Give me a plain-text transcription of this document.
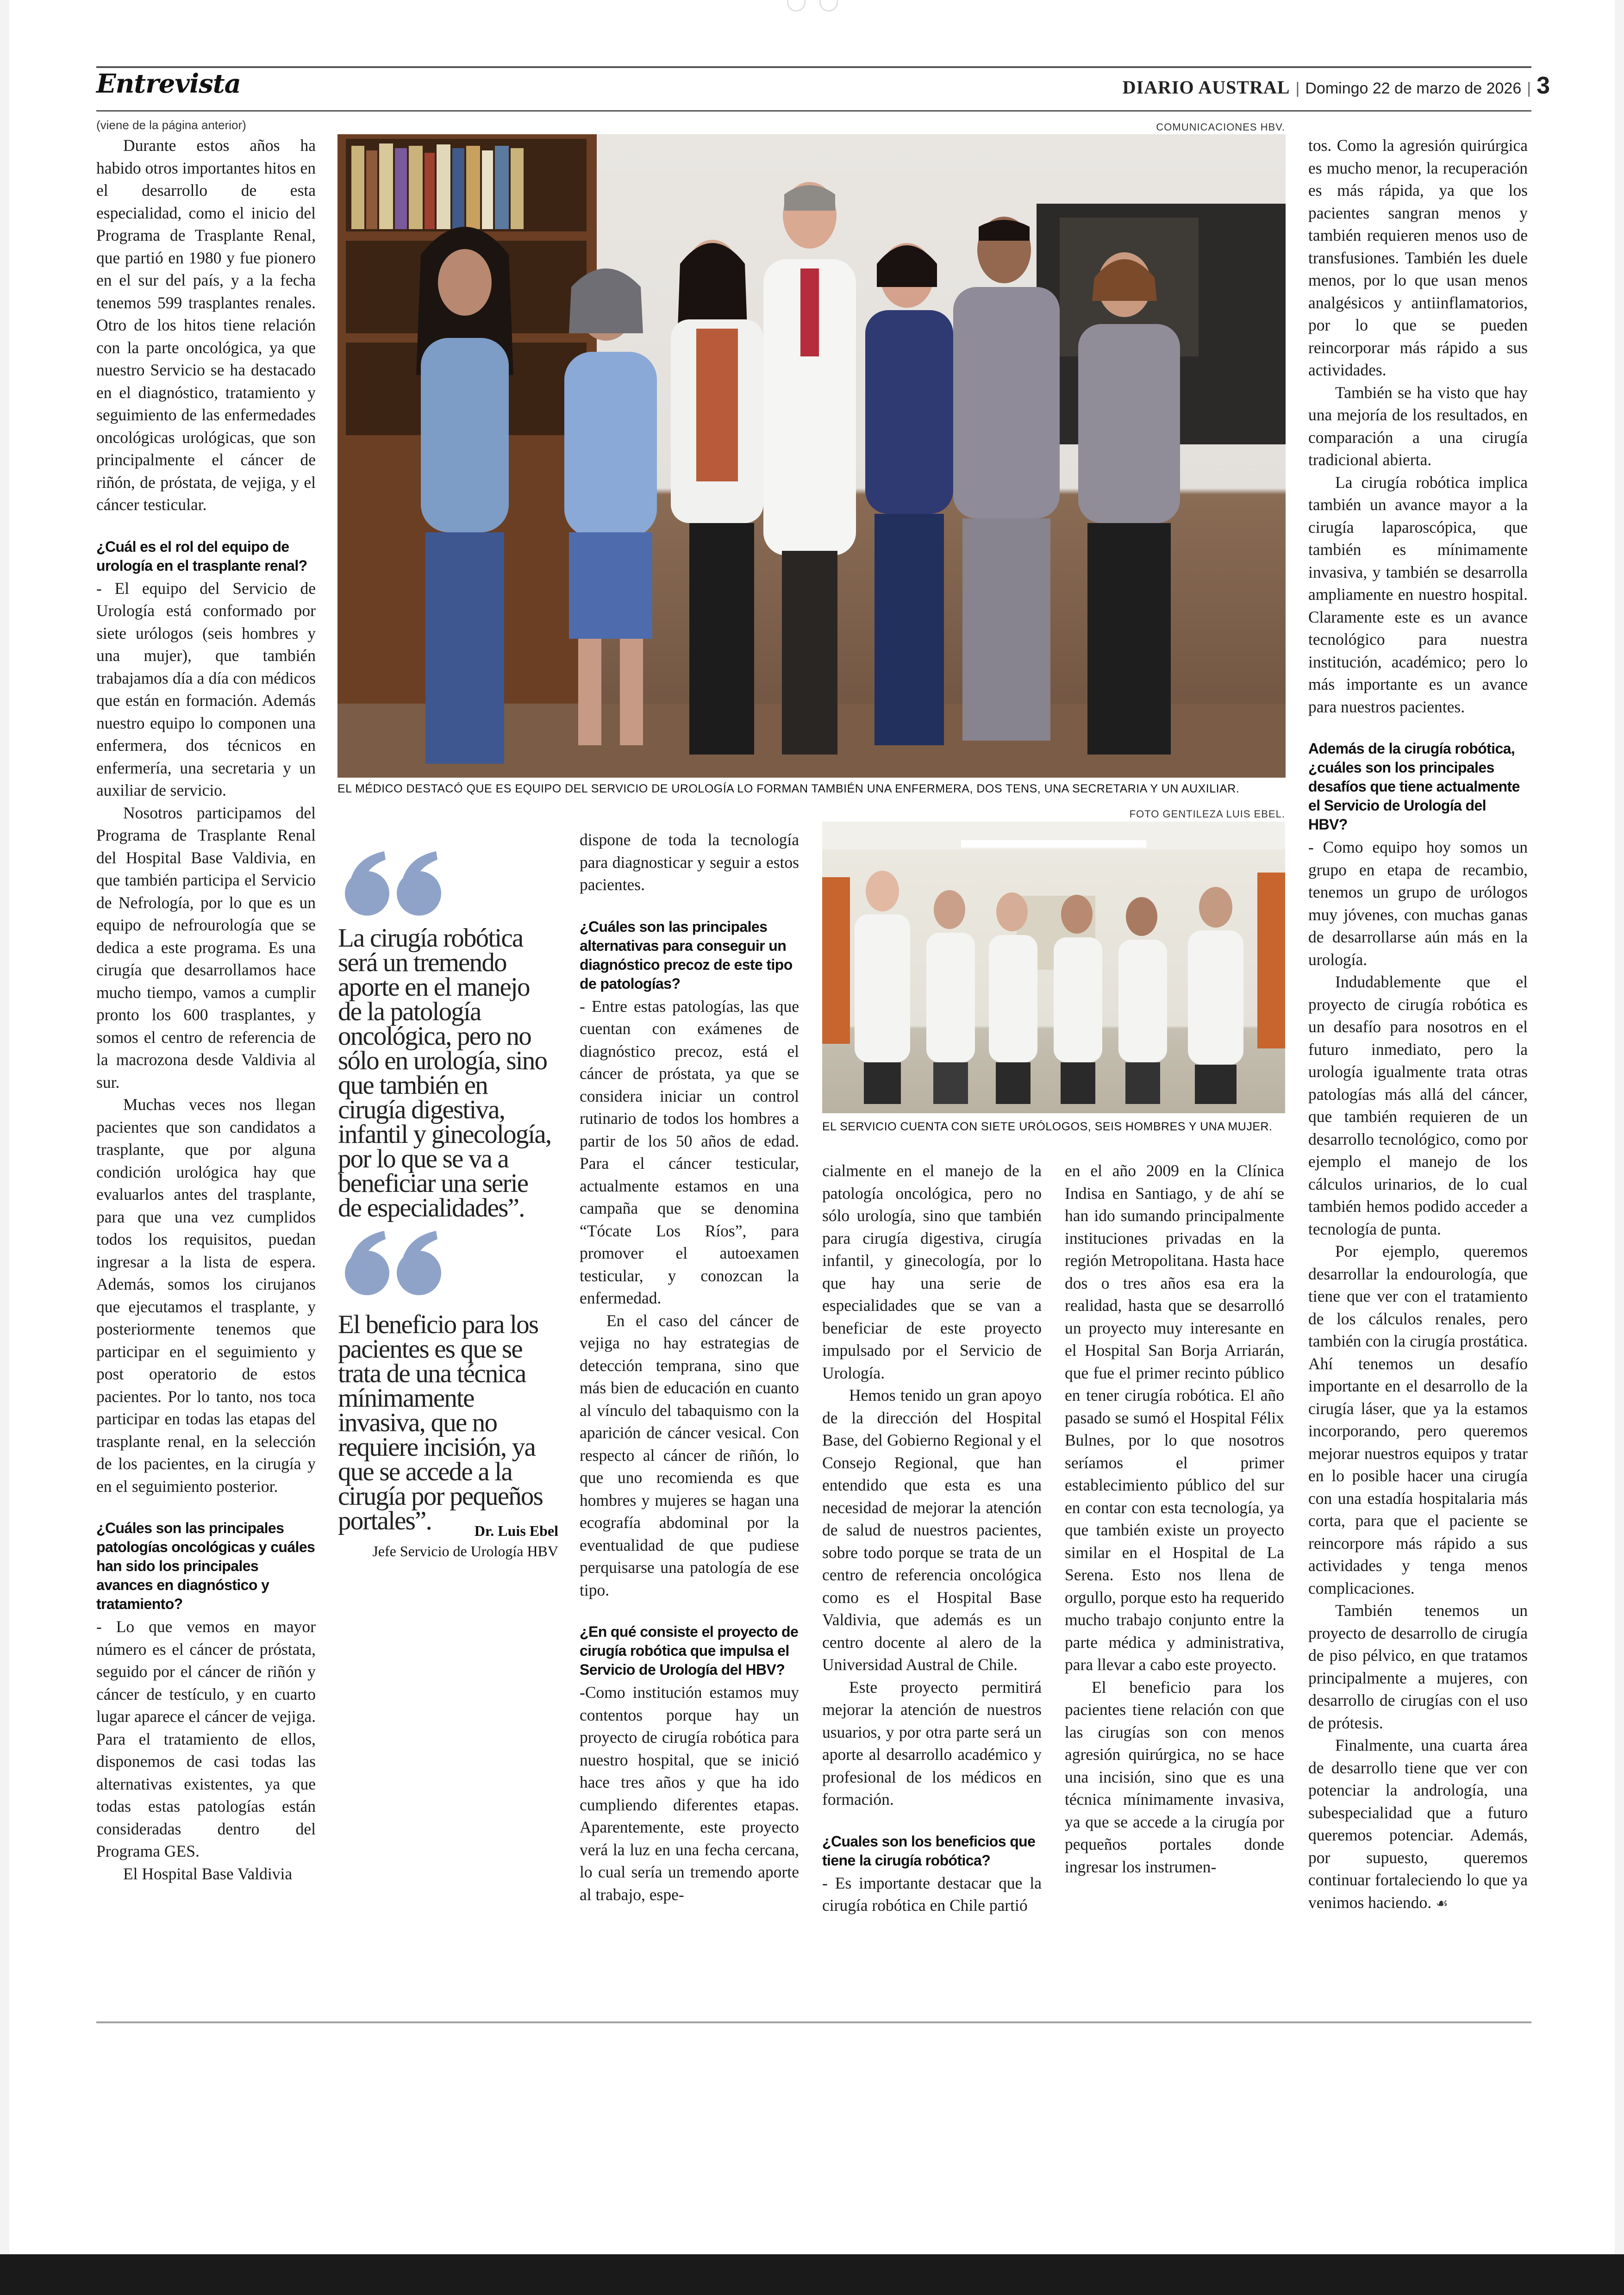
Entrevista	DIARIO AUSTRAL | Domingo 22 de marzo de 2026 | 3
(viene de la página anterior)	COMUNICACIONES HBV.
EL MÉDICO DESTACÓ QUE ES EQUIPO DEL SERVICIO DE UROLOGÍA LO FORMAN TAMBIÉN UNA ENFERMERA, DOS TENS, UNA SECRETARIA Y UN AUXILIAR.
FOTO GENTILEZA LUIS EBEL.
EL SERVICIO CUENTA CON SIETE URÓLOGOS, SEIS HOMBRES Y UNA MUJER.

Durante estos años ha habido otros importantes hitos en el desarrollo de esta especialidad, como el inicio del Programa de Trasplante Renal, que partió en 1980 y fue pionero en el sur del país, y a la fecha tenemos 599 trasplantes renales. Otro de los hitos tiene relación con la parte oncológica, ya que nuestro Servicio se ha destacado en el diagnóstico, tratamiento y seguimiento de las enfermedades oncológicas urológicas, que son principalmente el cáncer de riñón, de próstata, de vejiga, y el cáncer testicular.

¿Cuál es el rol del equipo de urología en el trasplante renal?

- El equipo del Servicio de Urología está conformado por siete urólogos (seis hombres y una mujer), que también trabajamos día a día con médicos que están en formación. Además nuestro equipo lo componen una enfermera, dos técnicos en enfermería, una secretaria y un auxiliar de servicio.

Nosotros participamos del Programa de Trasplante Renal del Hospital Base Valdivia, en que también participa el Servicio de Nefrología, por lo que es un equipo de nefrourología que se dedica a este programa. Es una cirugía que desarrollamos hace mucho tiempo, vamos a cumplir pronto los 600 trasplantes, y somos el centro de referencia de la macrozona desde Valdivia al sur.

Muchas veces nos llegan pacientes que son candidatos a trasplante, que por alguna condición urológica hay que evaluarlos antes del trasplante, para que una vez cumplidos todos los requisitos, puedan ingresar a la lista de espera. Además, somos los cirujanos que ejecutamos el trasplante, y posteriormente tenemos que participar en el seguimiento y post operatorio de estos pacientes. Por lo tanto, nos toca participar en todas las etapas del trasplante renal, en la selección de los pacientes, en la cirugía y en el seguimiento posterior.

¿Cuáles son las principales patologías oncológicas y cuáles han sido los principales avances en diagnóstico y tratamiento?

- Lo que vemos en mayor número es el cáncer de próstata, seguido por el cáncer de riñón y cáncer de testículo, y en cuarto lugar aparece el cáncer de vejiga. Para el tratamiento de ellos, disponemos de casi todas las alternativas existentes, ya que todas estas patologías están consideradas dentro del Programa GES.

El Hospital Base Valdivia

La cirugía robótica será un tremendo aporte en el manejo de la patología oncológica, pero no sólo en urología, sino que también en cirugía digestiva, infantil y ginecología, por lo que se va a beneficiar una serie de especialidades”.
El beneficio para los pacientes es que se trata de una técnica mínimamente invasiva, que no requiere incisión, ya que se accede a la cirugía por pequeños portales”.	Dr. Luis Ebel
Jefe Servicio de Urología HBV

dispone de toda la tecnología para diagnosticar y seguir a estos pacientes.

¿Cuáles son las principales alternativas para conseguir un diagnóstico precoz de este tipo de patologías?

- Entre estas patologías, las que cuentan con exámenes de diagnóstico precoz, está el cáncer de próstata, ya que se considera iniciar un control rutinario de todos los hombres a partir de los 50 años de edad. Para el cáncer testicular, actualmente estamos en una campaña que se denomina “Tócate Los Ríos”, para promover el autoexamen testicular, y conozcan la enfermedad.

En el caso del cáncer de vejiga no hay estrategias de detección temprana, sino que más bien de educación en cuanto al vínculo del tabaquismo con la aparición de cáncer vesical. Con respecto al cáncer de riñón, lo que uno recomienda es que hombres y mujeres se hagan una ecografía abdominal por la eventualidad de que pudiese perquisarse una patología de ese tipo.

¿En qué consiste el proyecto de cirugía robótica que impulsa el Servicio de Urología del HBV?

-Como institución estamos muy contentos porque hay un proyecto de cirugía robótica para nuestro hospital, que se inició hace tres años y que ha ido cumpliendo diferentes etapas. Aparentemente, este proyecto verá la luz en una fecha cercana, lo cual sería un tremendo aporte al trabajo, espe-

cialmente en el manejo de la patología oncológica, pero no sólo urología, sino que también para cirugía digestiva, cirugía infantil, y ginecología, por lo que hay una serie de especialidades que se van a beneficiar de este proyecto impulsado por el Servicio de Urología.

Hemos tenido un gran apoyo de la dirección del Hospital Base, del Gobierno Regional y el Consejo Regional, que han entendido que esta es una necesidad de mejorar la atención de salud de nuestros pacientes, sobre todo porque se trata de un centro de referencia oncológica como es el Hospital Base Valdivia, que además es un centro docente al alero de la Universidad Austral de Chile.

Este proyecto permitirá mejorar la atención de nuestros usuarios, y por otra parte será un aporte al desarrollo académico y profesional de los médicos en formación.

¿Cuales son los beneficios que tiene la cirugía robótica?

- Es importante destacar que la cirugía robótica en Chile partió

en el año 2009 en la Clínica Indisa en Santiago, y de ahí se han ido sumando principalmente instituciones privadas en la región Metropolitana. Hasta hace dos o tres años esa era la realidad, hasta que se desarrolló un proyecto muy interesante en el Hospital San Borja Arriarán, que fue el primer recinto público en tener cirugía robótica. El año pasado se sumó el Hospital Félix Bulnes, por lo que nosotros seríamos el primer establecimiento público del sur en contar con esta tecnología, ya que también existe un proyecto similar en el Hospital de La Serena. Esto nos llena de orgullo, porque esto ha requerido mucho trabajo conjunto entre la parte médica y administrativa, para llevar a cabo este proyecto.

El beneficio para los pacientes tiene relación con que las cirugías son con menos agresión quirúrgica, no se hace una incisión, sino que es una técnica mínimamente invasiva, ya que se accede a la cirugía por pequeños portales donde ingresar los instrumen-

tos. Como la agresión quirúrgica es mucho menor, la recuperación es más rápida, ya que los pacientes sangran menos y también requieren menos uso de transfusiones. También les duele menos, por lo que usan menos analgésicos y antiinflamatorios, por lo que se pueden reincorporar más rápido a sus actividades.

También se ha visto que hay una mejoría de los resultados, en comparación a una cirugía tradicional abierta.

La cirugía robótica implica también un avance mayor a la cirugía laparoscópica, que también es mínimamente invasiva, y también se desarrolla ampliamente en nuestro hospital. Claramente este es un avance tecnológico para nuestra institución, académico; pero lo más importante es un avance para nuestros pacientes.

Además de la cirugía robótica, ¿cuáles son los principales desafíos que tiene actualmente el Servicio de Urología del HBV?

- Como equipo hoy somos un grupo en etapa de recambio, tenemos un grupo de urólogos muy jóvenes, con muchas ganas de desarrollarse aún más en la urología.

Indudablemente que el proyecto de cirugía robótica es un desafío para nosotros en el futuro inmediato, pero la urología igualmente trata otras patologías más allá del cáncer, que también requieren de un desarrollo tecnológico, como por ejemplo el manejo de los cálculos urinarios, de lo cual también hemos podido acceder a tecnología de punta.

Por ejemplo, queremos desarrollar la endourología, que tiene que ver con el tratamiento de los cálculos renales, pero también con la cirugía prostática. Ahí tenemos un desafío importante en el desarrollo de la cirugía láser, que ya la estamos incorporando, pero queremos mejorar nuestros equipos y tratar en lo posible hacer una cirugía con una estadía hospitalaria más corta, para que el paciente se reincorpore más rápido a sus actividades y tenga menos complicaciones.

También tenemos un proyecto de desarrollo de cirugía de piso pélvico, en que tratamos principalmente a mujeres, con desarrollo de cirugías con el uso de prótesis.

Finalmente, una cuarta área de desarrollo tiene que ver con potenciar la andrología, una subespecialidad que a futuro queremos potenciar. Además, por supuesto, queremos continuar fortaleciendo lo que ya venimos haciendo. ☙
